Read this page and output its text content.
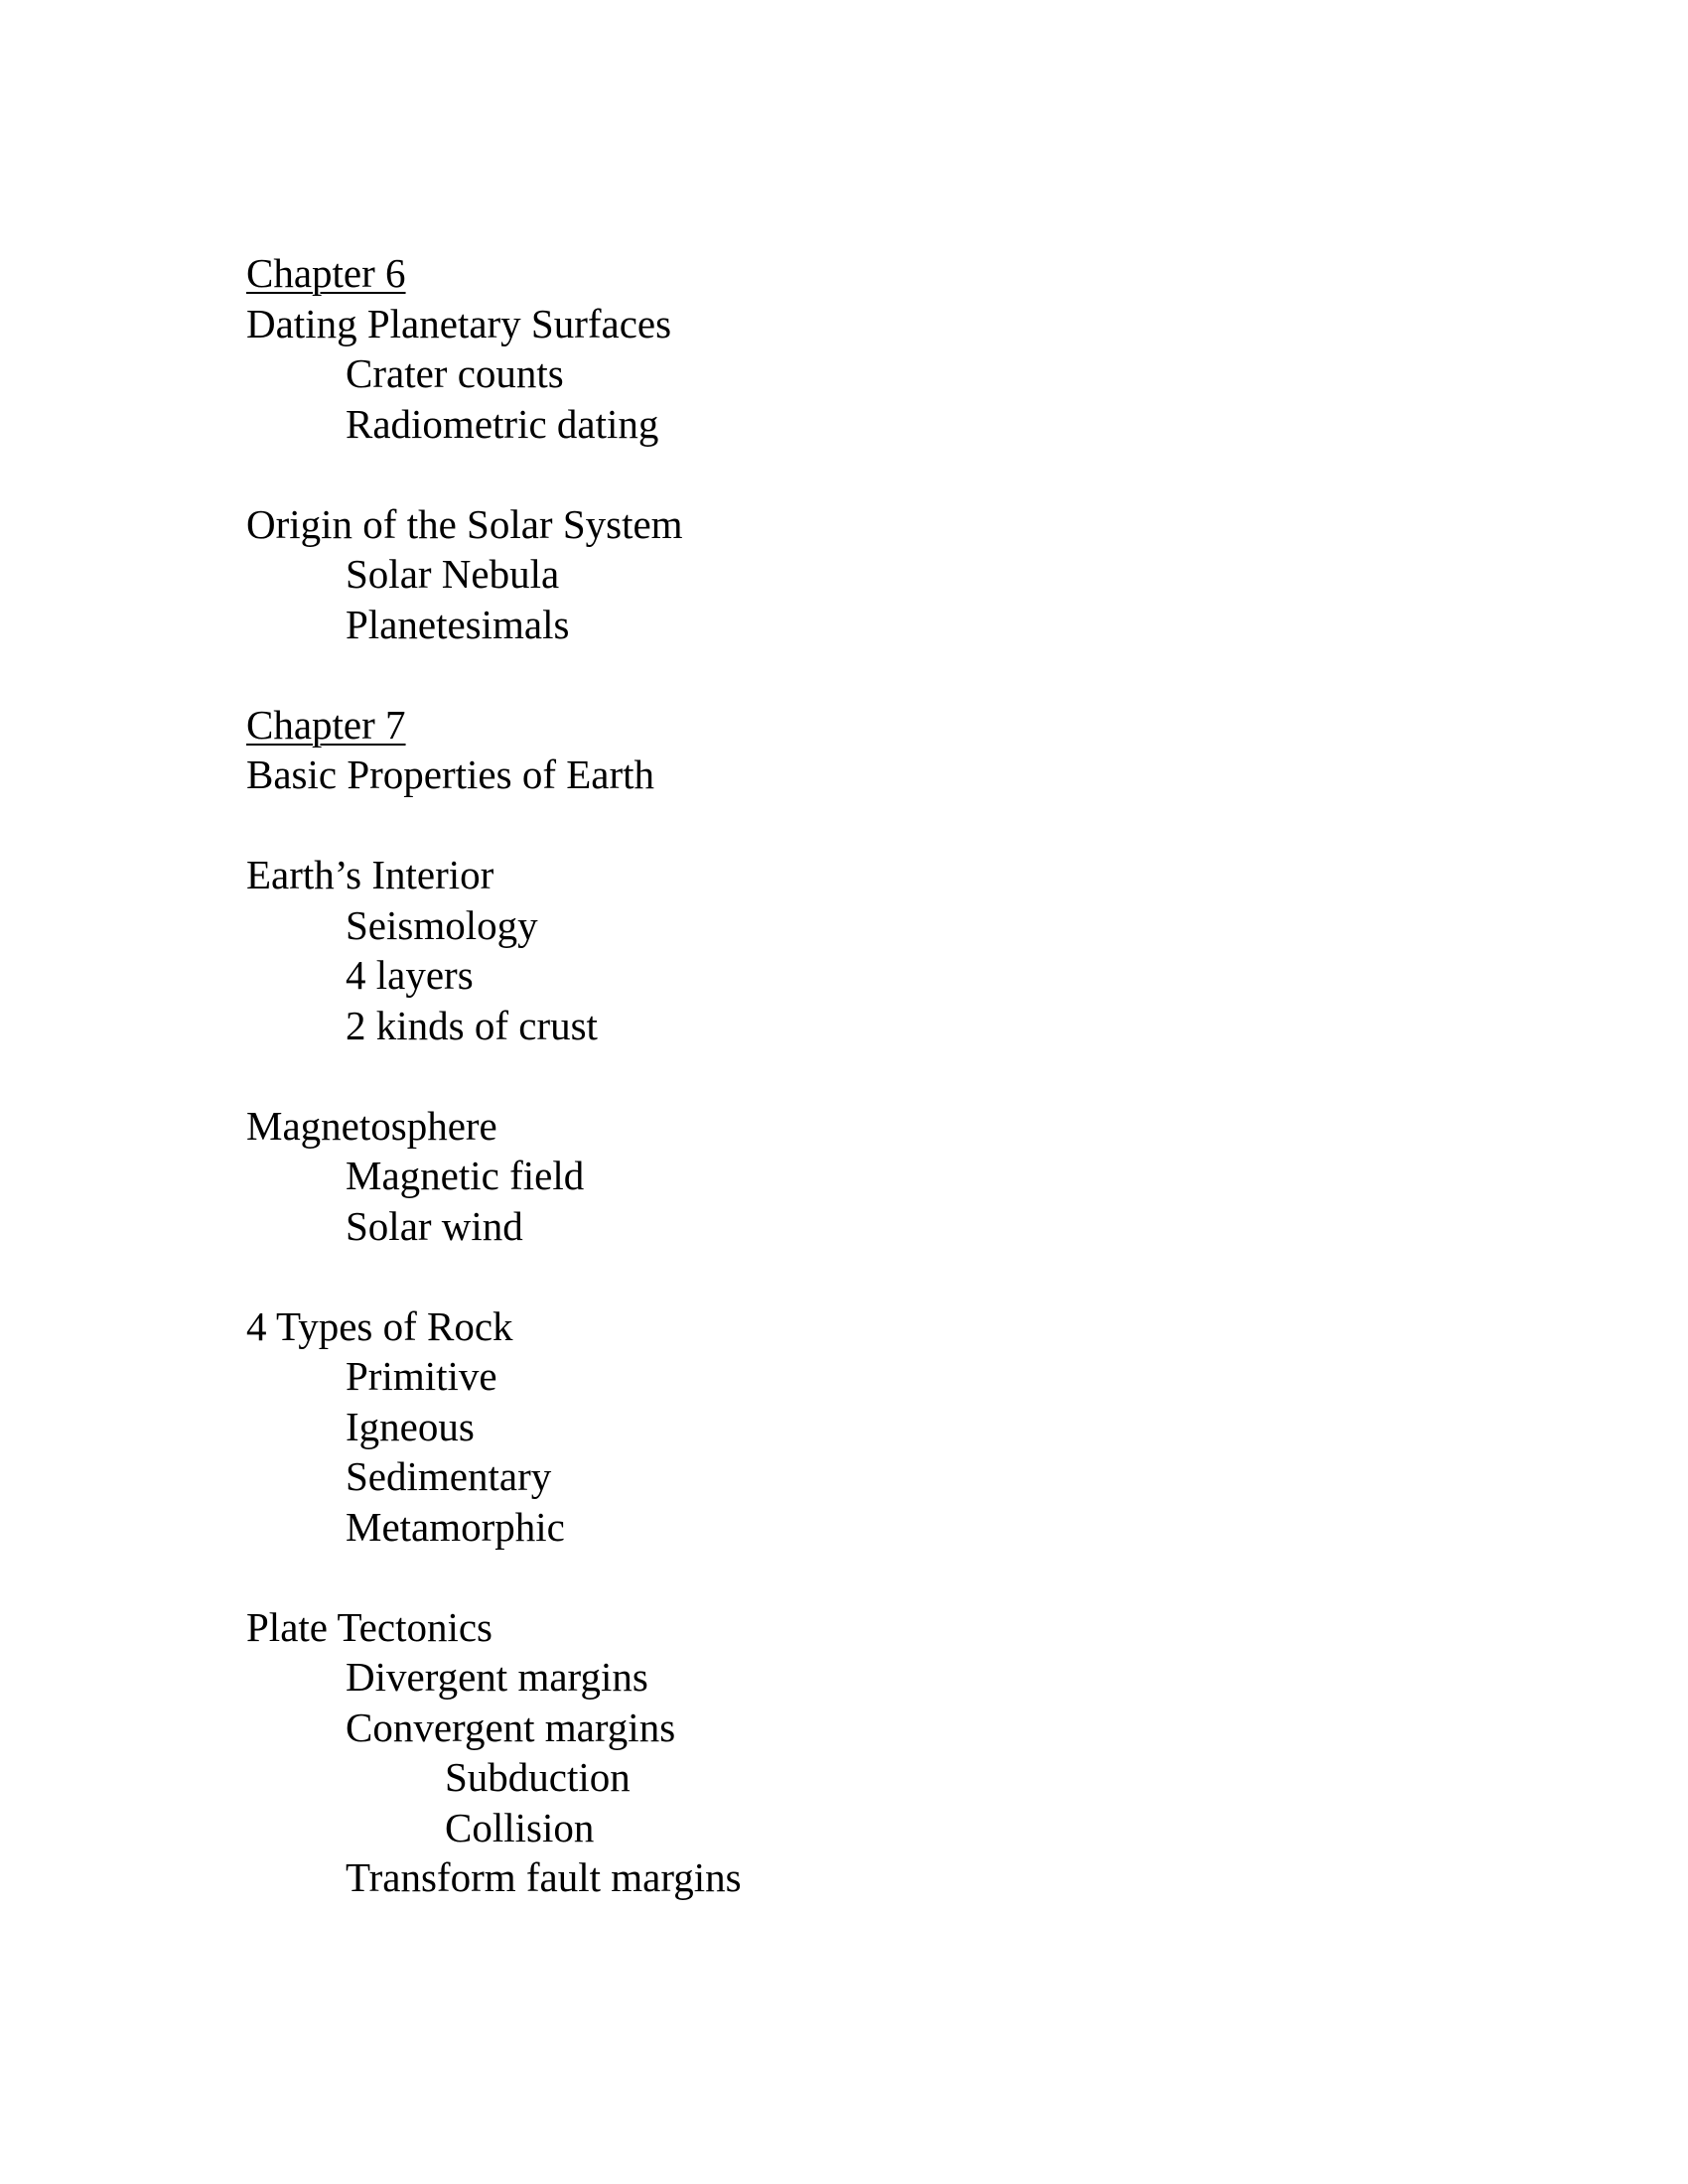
Chapter 6
Dating Planetary Surfaces
Crater counts
Radiometric dating
Origin of the Solar System
Solar Nebula
Planetesimals
Chapter 7
Basic Properties of Earth
Earth’s Interior
Seismology
4 layers
2 kinds of crust
Magnetosphere
Magnetic field
Solar wind
4 Types of Rock
Primitive
Igneous
Sedimentary
Metamorphic
Plate Tectonics
Divergent margins
Convergent margins
Subduction
Collision
Transform fault margins
